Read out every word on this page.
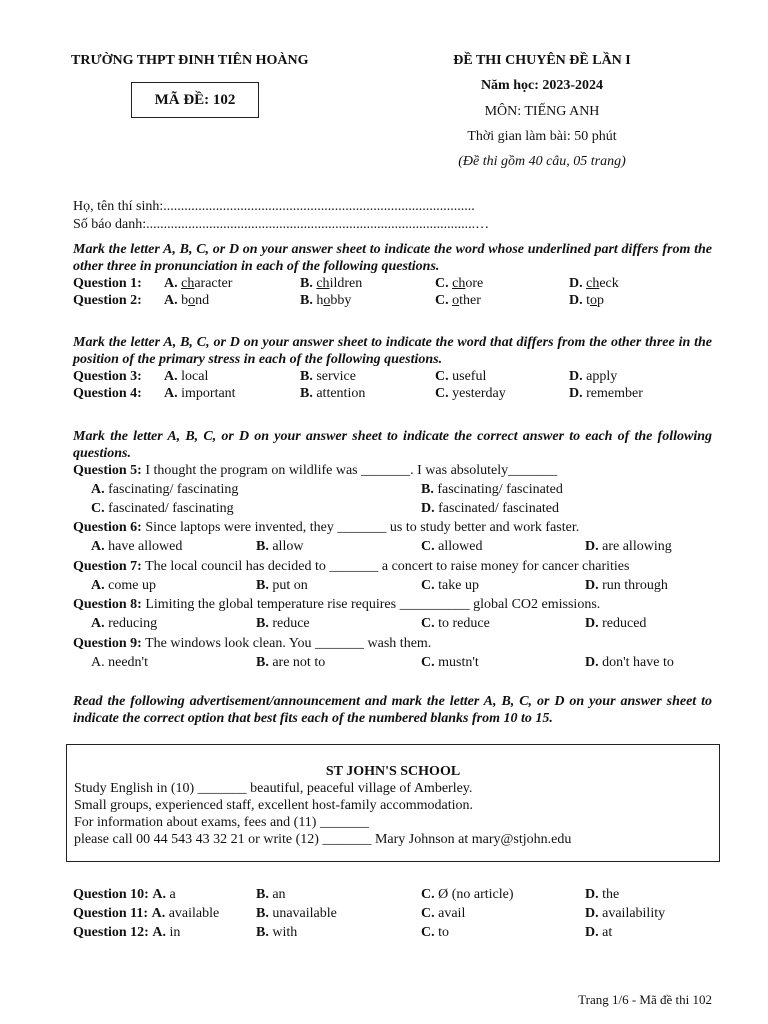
TRƯỜNG THPT ĐINH TIÊN HOÀNG
MÃ ĐỀ: 102
ĐỀ THI CHUYÊN ĐỀ LẦN I
Năm học: 2023-2024
MÔN: TIẾNG ANH
Thời gian làm bài: 50 phút
(Đề thi gồm 40 câu, 05 trang)
Họ, tên thí sinh:.........................................................................................
Số báo danh:..............................................................................................…
Mark the letter A, B, C, or D on your answer sheet to indicate the word whose underlined part differs from the other three in pronunciation in each of the following questions.
Question 1: A. character	B. children	C. chore	D. check
Question 2: A. bond	B. hobby	C. other	D. top
Mark the letter A, B, C, or D on your answer sheet to indicate the word that differs from the other three in the position of the primary stress in each of the following questions.
Question 3: A. local	B. service	C. useful	D. apply
Question 4: A. important	B. attention	C. yesterday	D. remember
Mark the letter A, B, C, or D on your answer sheet to indicate the correct answer to each of the following questions.
Question 5: I thought the program on wildlife was _______. I was absolutely_______
A. fascinating/ fascinating	B. fascinating/ fascinated
C. fascinated/ fascinating	D. fascinated/ fascinated
Question 6: Since laptops were invented, they _______ us to study better and work faster.
A. have allowed	B. allow	C. allowed	D. are allowing
Question 7: The local council has decided to _______ a concert to raise money for cancer charities
A. come up	B. put on	C. take up	D. run through
Question 8: Limiting the global temperature rise requires __________ global CO2 emissions.
A. reducing	B. reduce	C. to reduce	D. reduced
Question 9: The windows look clean. You _______ wash them.
A. needn't	B. are not to	C. mustn't	D. don't have to
Read the following advertisement/announcement and mark the letter A, B, C, or D on your answer sheet to indicate the correct option that best fits each of the numbered blanks from 10 to 15.
ST JOHN'S SCHOOL
Study English in (10) _______ beautiful, peaceful village of Amberley.
Small groups, experienced staff, excellent host-family accommodation.
For information about exams, fees and (11) _______
please call 00 44 543 43 32 21 or write (12) _______ Mary Johnson at mary@stjohn.edu
Question 10: A. a	B. an	C. Ø (no article)	D. the
Question 11: A. available	B. unavailable	C. avail	D. availability
Question 12: A. in	B. with	C. to	D. at
Trang 1/6 - Mã đề thi 102
